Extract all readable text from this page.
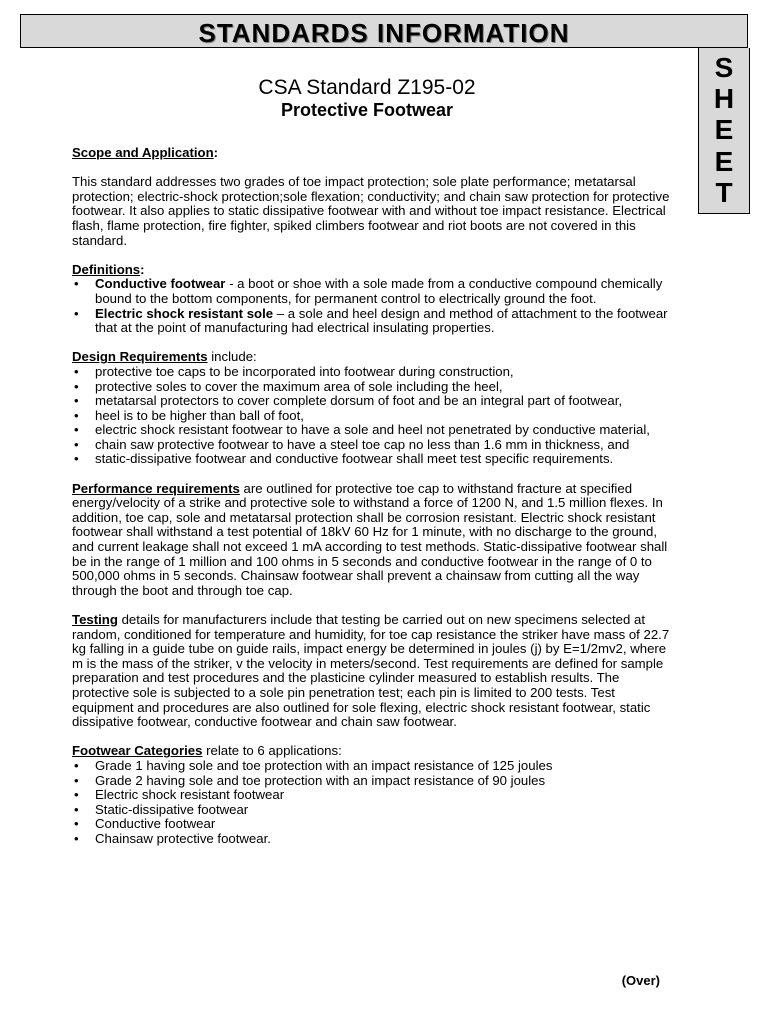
STANDARDS INFORMATION
S
H
E
E
T
CSA Standard Z195-02
Protective Footwear

Scope and Application:

This standard addresses two grades of toe impact protection; sole plate performance; metatarsal protection; electric-shock protection;sole flexation; conductivity; and chain saw protection for protective footwear. It also applies to static dissipative footwear with and without toe impact resistance. Electrical flash, flame protection, fire fighter, spiked climbers footwear and riot boots are not covered in this standard.

Definitions:

• Conductive footwear - a boot or shoe with a sole made from a conductive compound chemically bound to the bottom components, for permanent control to electrically ground the foot.
• Electric shock resistant sole – a sole and heel design and method of attachment to the footwear that at the point of manufacturing had electrical insulating properties.

Design Requirements include:

• protective toe caps to be incorporated into footwear during construction,
• protective soles to cover the maximum area of sole including the heel,
• metatarsal protectors to cover complete dorsum of foot and be an integral part of footwear,
• heel is to be higher than ball of foot,
• electric shock resistant footwear to have a sole and heel not penetrated by conductive material,
• chain saw protective footwear to have a steel toe cap no less than 1.6 mm in thickness, and
• static-dissipative footwear and conductive footwear shall meet test specific requirements.

Performance requirements are outlined for protective toe cap to withstand fracture at specified energy/velocity of a strike and protective sole to withstand a force of 1200 N, and 1.5 million flexes. In addition, toe cap, sole and metatarsal protection shall be corrosion resistant. Electric shock resistant footwear shall withstand a test potential of 18kV 60 Hz for 1 minute, with no discharge to the ground, and current leakage shall not exceed 1 mA according to test methods. Static-dissipative footwear shall be in the range of 1 million and 100 ohms in 5 seconds and conductive footwear in the range of 0 to 500,000 ohms in 5 seconds. Chainsaw footwear shall prevent a chainsaw from cutting all the way through the boot and through toe cap.

Testing details for manufacturers include that testing be carried out on new specimens selected at random, conditioned for temperature and humidity, for toe cap resistance the striker have mass of 22.7 kg falling in a guide tube on guide rails, impact energy be determined in joules (j) by E=1/2mv2, where m is the mass of the striker, v the velocity in meters/second. Test requirements are defined for sample preparation and test procedures and the plasticine cylinder measured to establish results. The protective sole is subjected to a sole pin penetration test; each pin is limited to 200 tests. Test equipment and procedures are also outlined for sole flexing, electric shock resistant footwear, static dissipative footwear, conductive footwear and chain saw footwear.

Footwear Categories relate to 6 applications:

• Grade 1 having sole and toe protection with an impact resistance of 125 joules
• Grade 2 having sole and toe protection with an impact resistance of 90 joules
• Electric shock resistant footwear
• Static-dissipative footwear
• Conductive footwear
• Chainsaw protective footwear.
(Over)
